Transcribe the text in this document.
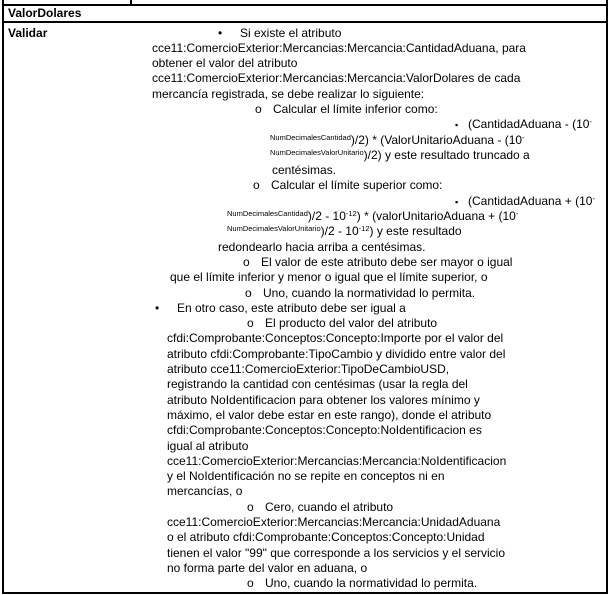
ValorDolares
Validar	• Si existe el atributo
cce11:ComercioExterior:Mercancias:Mercancia:CantidadAduana, para
obtener el valor del atributo
cce11:ComercioExterior:Mercancias:Mercancia:ValorDolares de cada
mercancía registrada, se debe realizar lo siguiente:
o Calcular el límite inferior como:
▪ (CantidadAduana - (10-
$^{NumDecimalesCantidad}$)/2) * (ValorUnitarioAduana - (10-
$^{NumDecimalesValorUnitario}$)/2) y este resultado truncado a
centésimas.
o Calcular el límite superior como:
▪ (CantidadAduana + (10-
$^{NumDecimalesCantidad})/2 - 10^{-12}$) * (valorUnitarioAduana + (10-
$^{NumDecimalesValorUnitario})/2 - 10^{-12}$) y este resultado
redondearlo hacia arriba a centésimas.
o El valor de este atributo debe ser mayor o igual
que el límite inferior y menor o igual que el límite superior, o
o Uno, cuando la normatividad lo permita.
• En otro caso, este atributo debe ser igual a
o El producto del valor del atributo
cfdi:Comprobante:Conceptos:Concepto:Importe por el valor del
atributo cfdi:Comprobante:TipoCambio y dividido entre valor del
atributo cce11:ComercioExterior:TipoDeCambioUSD,
registrando la cantidad con centésimas (usar la regla del
atributo NoIdentificacion para obtener los valores mínimo y
máximo, el valor debe estar en este rango), donde el atributo
cfdi:Comprobante:Conceptos:Concepto:NoIdentificacion es
igual al atributo
cce11:ComercioExterior:Mercancias:Mercancia:NoIdentificacion
y el NoIdentificación no se repite en conceptos ni en
mercancías, o
o Cero, cuando el atributo
cce11:ComercioExterior:Mercancias:Mercancia:UnidadAduana
o el atributo cfdi:Comprobante:Conceptos:Concepto:Unidad
tienen el valor "99" que corresponde a los servicios y el servicio
no forma parte del valor en aduana, o
o Uno, cuando la normatividad lo permita.
